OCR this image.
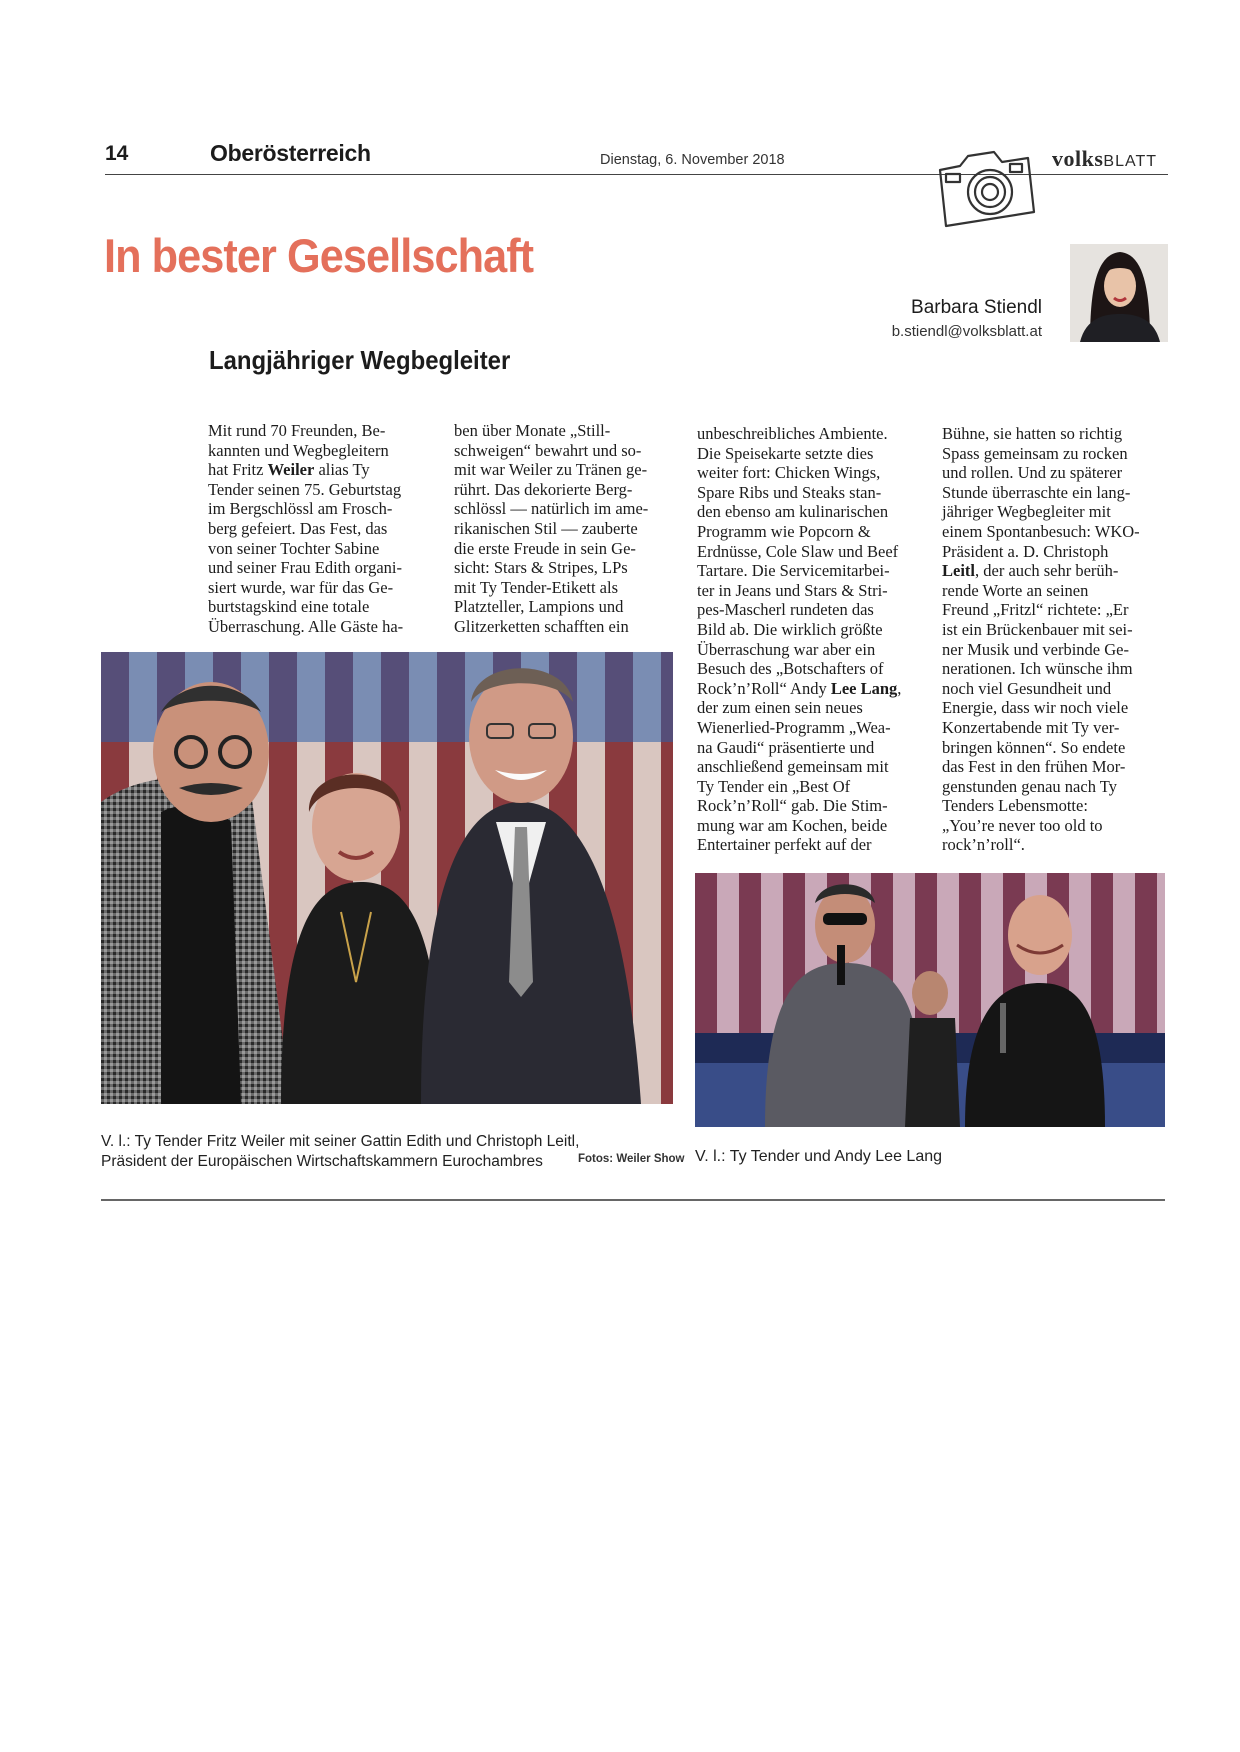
14	Oberösterreich	Dienstag, 6. November 2018	volksBLATT
In bester Gesellschaft
Barbara Stiendl
b.stiendl@volksblatt.at
Langjähriger Wegbegleiter
Mit rund 70 Freunden, Be-
kannten und Wegbegleitern
hat Fritz Weiler alias Ty
Tender seinen 75. Geburtstag
im Bergschlössl am Frosch-
berg gefeiert. Das Fest, das
von seiner Tochter Sabine
und seiner Frau Edith organi-
siert wurde, war für das Ge-
burtstagskind eine totale
Überraschung. Alle Gäste ha-
ben über Monate „Still-
schweigen“ bewahrt und so-
mit war Weiler zu Tränen ge-
rührt. Das dekorierte Berg-
schlössl — natürlich im ame-
rikanischen Stil — zauberte
die erste Freude in sein Ge-
sicht: Stars & Stripes, LPs
mit Ty Tender-Etikett als
Platzteller, Lampions und
Glitzerketten schafften ein
unbeschreibliches Ambiente.
Die Speisekarte setzte dies
weiter fort: Chicken Wings,
Spare Ribs und Steaks stan-
den ebenso am kulinarischen
Programm wie Popcorn &
Erdnüsse, Cole Slaw und Beef
Tartare. Die Servicemitarbei-
ter in Jeans und Stars & Stri-
pes-Mascherl rundeten das
Bild ab. Die wirklich größte
Überraschung war aber ein
Besuch des „Botschafters of
Rock’n’Roll“ Andy Lee Lang,
der zum einen sein neues
Wienerlied-Programm „Wea-
na Gaudi“ präsentierte und
anschließend gemeinsam mit
Ty Tender ein „Best Of
Rock’n’Roll“ gab. Die Stim-
mung war am Kochen, beide
Entertainer perfekt auf der
Bühne, sie hatten so richtig
Spass gemeinsam zu rocken
und rollen. Und zu späterer
Stunde überraschte ein lang-
jähriger Wegbegleiter mit
einem Spontanbesuch: WKO-
Präsident a. D. Christoph
Leitl, der auch sehr berüh-
rende Worte an seinen
Freund „Fritzl“ richtete: „Er
ist ein Brückenbauer mit sei-
ner Musik und verbinde Ge-
nerationen. Ich wünsche ihm
noch viel Gesundheit und
Energie, dass wir noch viele
Konzertabende mit Ty ver-
bringen können“. So endete
das Fest in den frühen Mor-
genstunden genau nach Ty
Tenders Lebensmotte:
„You’re never too old to
rock’n’roll“.
V. l.: Ty Tender Fritz Weiler mit seiner Gattin Edith und Christoph Leitl, Präsident der Europäischen Wirtschaftskammern Eurochambres	Fotos: Weiler Show V. l.: Ty Tender und Andy Lee Lang
